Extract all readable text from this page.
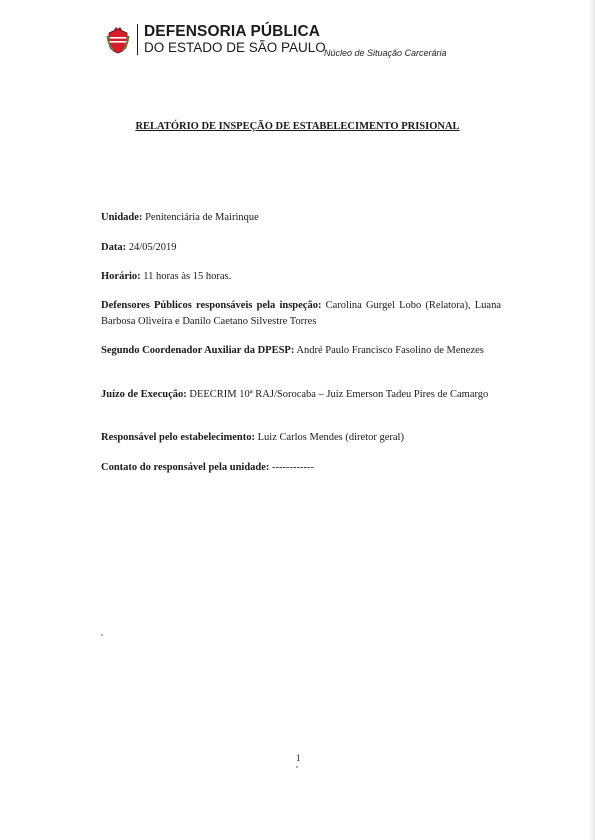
DEFENSORIA PÚBLICA
DO ESTADO DE SÃO PAULO
Núcleo de Situação Carcerária
RELATÓRIO DE INSPEÇÃO DE ESTABELECIMENTO PRISIONAL
Unidade: Penitenciária de Mairinque
Data: 24/05/2019
Horário: 11 horas às 15 horas.
Defensores Públicos responsáveis pela inspeção: Carolina Gurgel Lobo (Relatora), Luana Barbosa Oliveira e Danilo Caetano Silvestre Torres
Segundo Coordenador Auxiliar da DPESP: André Paulo Francisco Fasolino de Menezes
Juízo de Execução: DEECRIM 10ª RAJ/Sorocaba – Juiz Emerson Tadeu Pires de Camargo
Responsável pelo estabelecimento: Luiz Carlos Mendes (diretor geral)
Contato do responsável pela unidade: ------------
1
